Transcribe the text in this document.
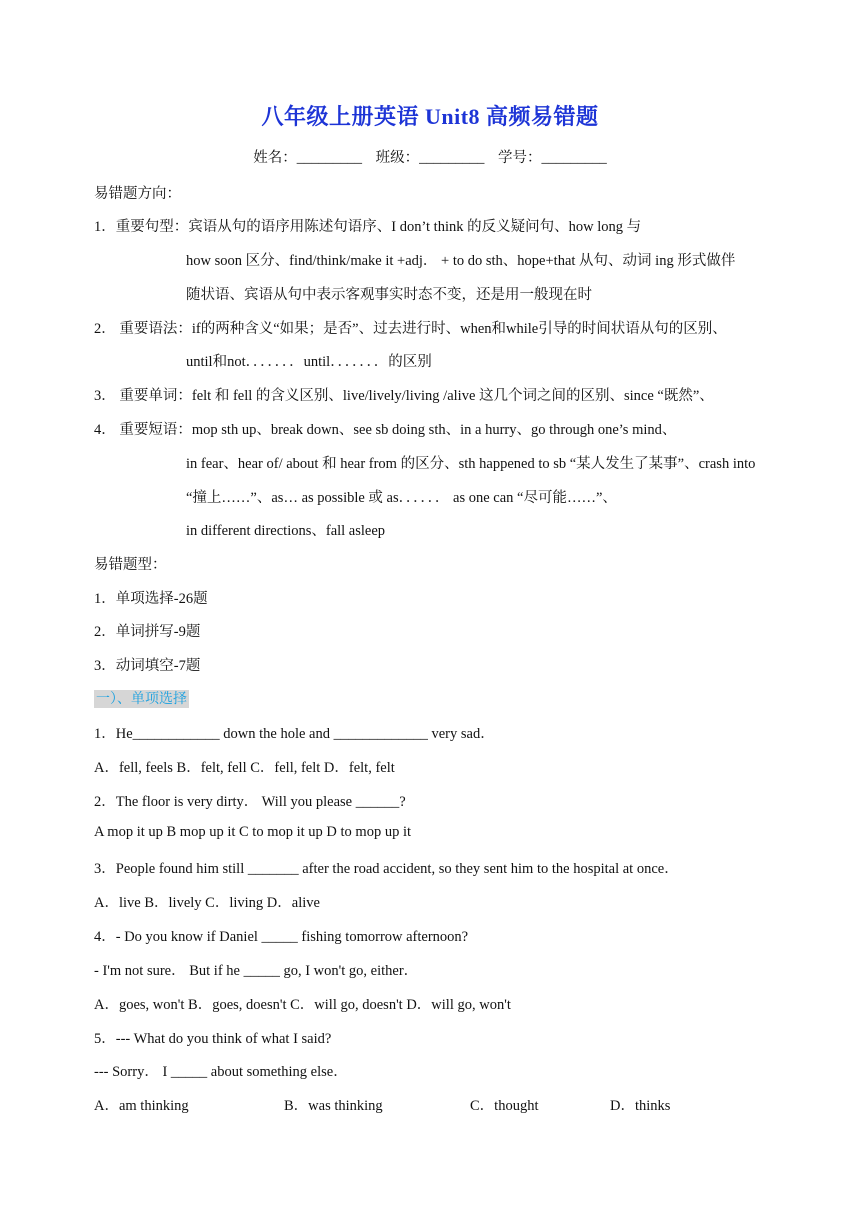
八年级上册英语 Unit8 高频易错题
姓名：_________ 班级：_________ 学号：_________
易错题方向：
1．重要句型：宾语从句的语序用陈述句语序、I don’t think 的反义疑问句、how long 与
how soon 区分、find/think/make it +adj． + to do sth、hope+that 从句、动词 ing 形式做伴
随状语、宾语从句中表示客观事实时态不变，还是用一般现在时
2． 重要语法：if的两种含义“如果；是否”、过去进行时、when和while引导的时间状语从句的区别、
until和not．．．．．．．until．．．．．．．的区别
3． 重要单词：felt 和 fell 的含义区别、live/lively/living /alive 这几个词之间的区别、since “既然”、
4． 重要短语：mop sth up、break down、see sb doing sth、in a hurry、go through one’s mind、
in fear、hear of/ about 和 hear from 的区分、sth happened to sb “某人发生了某事”、crash into
“撞上……”、as… as possible 或 as．．．．．． as one can “尽可能……”、
in different directions、fall asleep
易错题型：
1．单项选择-26题
2．单词拼写-9题
3．动词填空-7题
一）、单项选择
1．He____________ down the hole and _____________ very sad．
A．fell, feels B．felt, fell C．fell, felt D．felt, felt
2．The floor is very dirty． Will you please ______?
A mop it up B mop up it C to mop it up D to mop up it
3．People found him still _______ after the road accident, so they sent him to the hospital at once．
A．live B．lively C．living D．alive
4．- Do you know if Daniel _____ fishing tomorrow afternoon?
- I'm not sure． But if he _____ go, I won't go, either．
A．goes, won't B．goes, doesn't C．will go, doesn't D．will go, won't
5．--- What do you think of what I said?
--- Sorry． I _____ about something else．
A．am thinking	B．was thinking	C．thought	D．thinks
